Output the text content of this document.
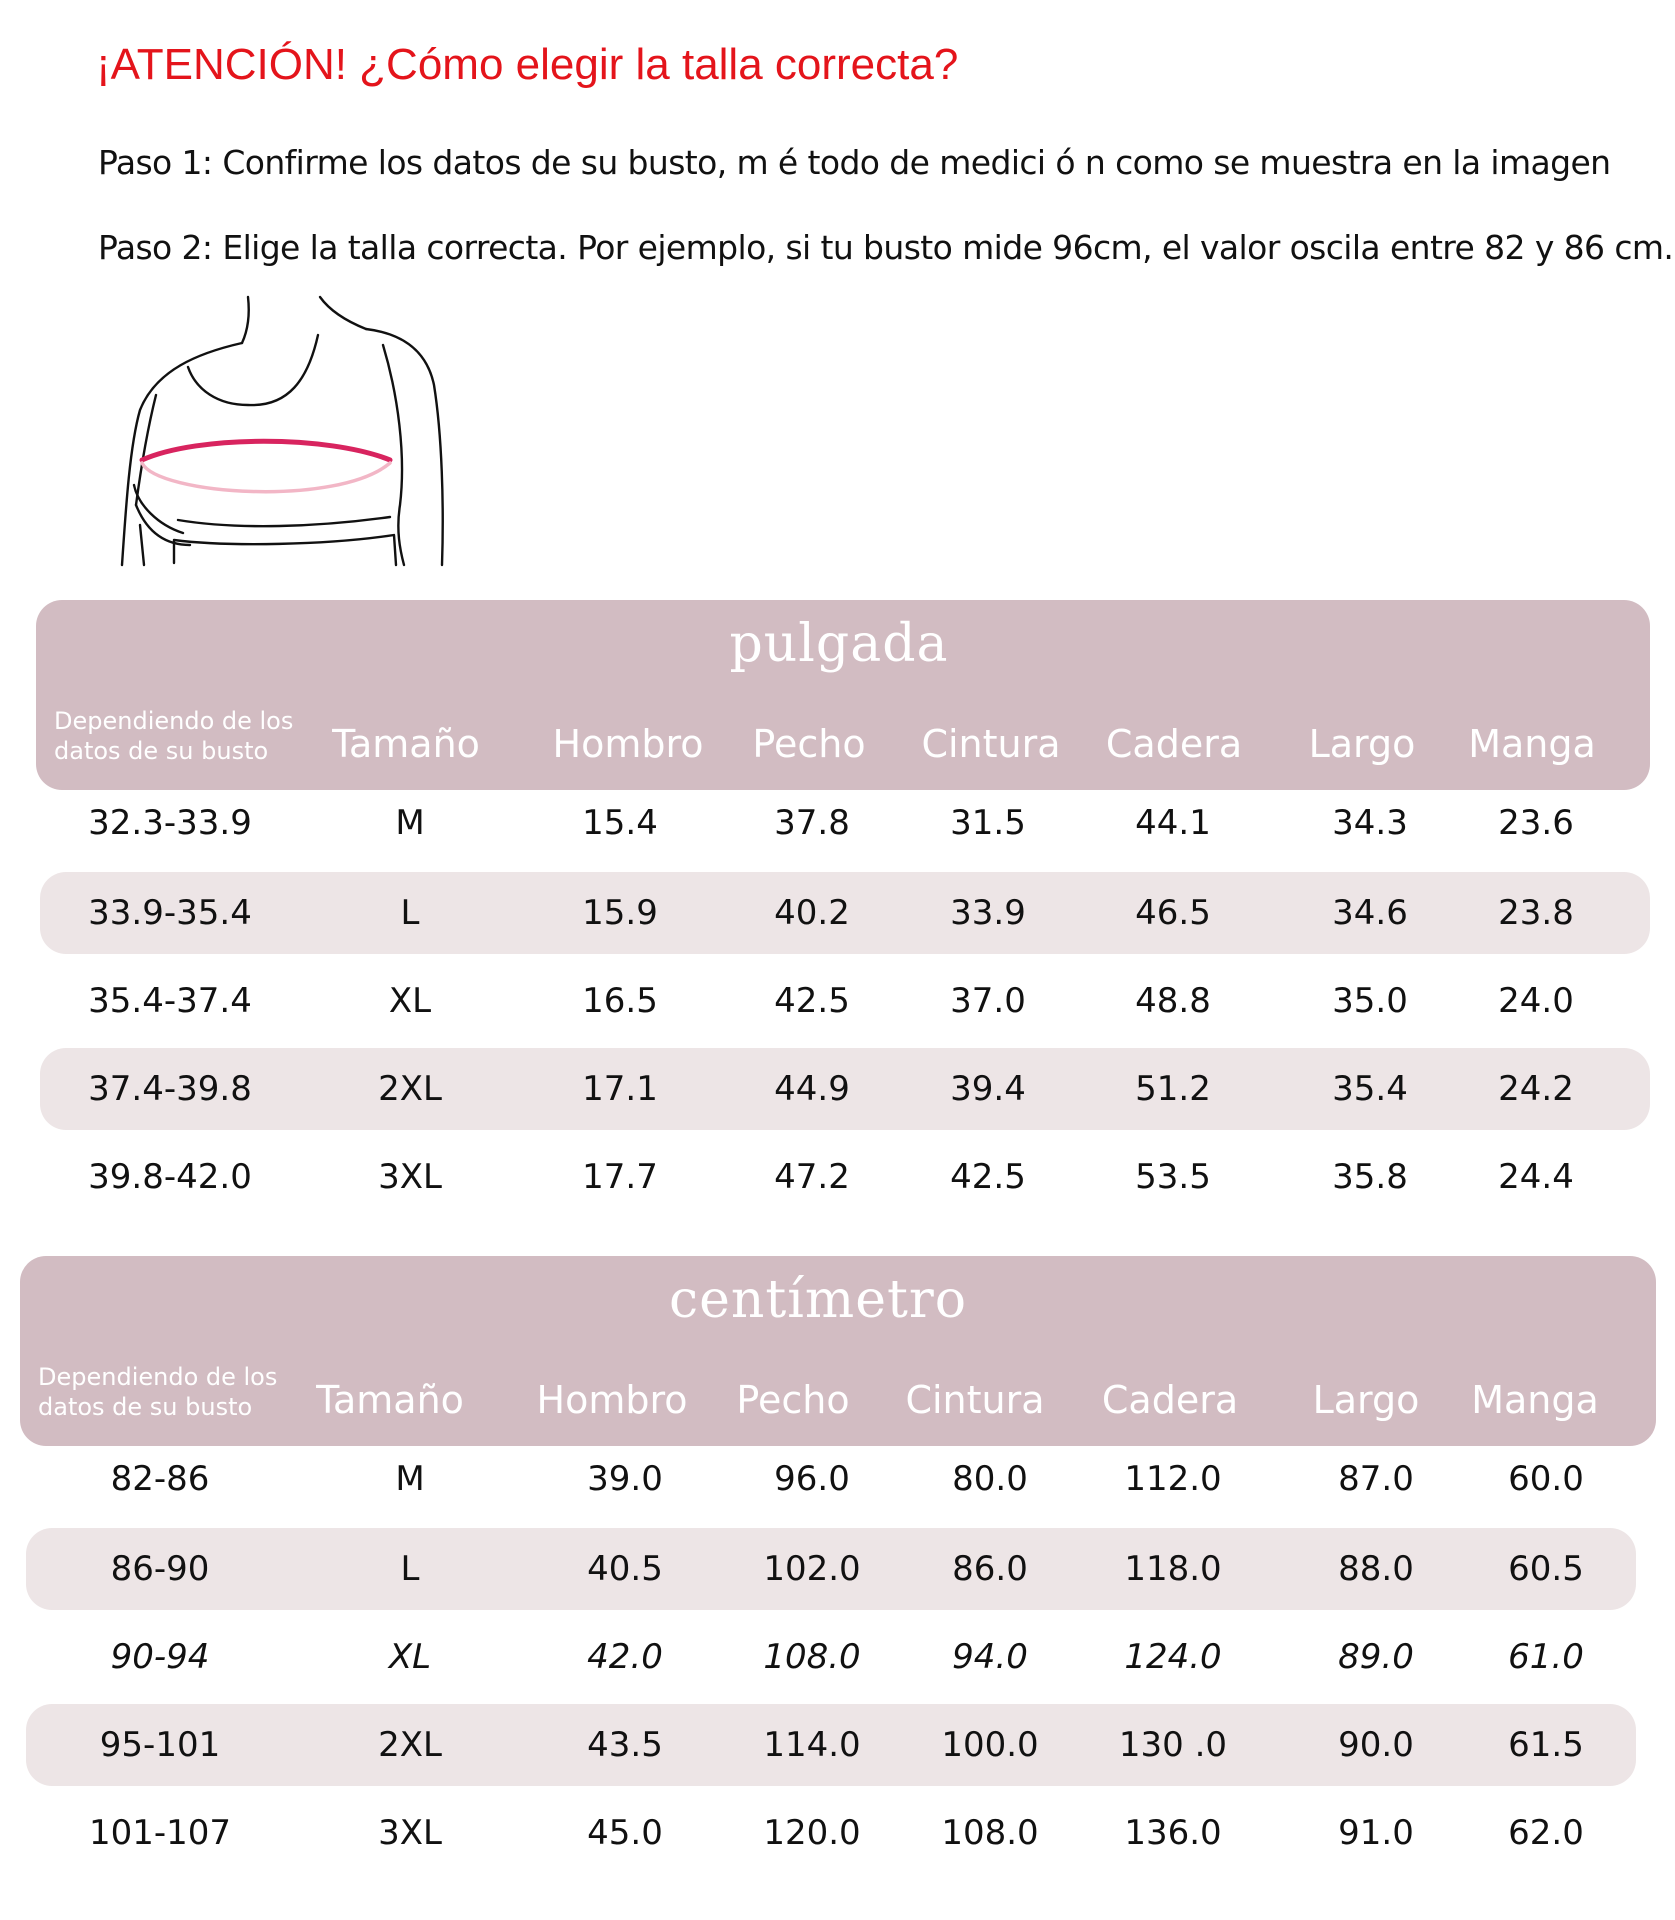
¡ATENCIÓN! ¿Cómo elegir la talla correcta?
Paso 1: Confirme los datos de su busto, m é todo de medici ó n como se muestra en la imagen
Paso 2: Elige la talla correcta. Por ejemplo, si tu busto mide 96cm, el valor oscila entre 82 y 86 cm.
pulgada
Dependiendo de los
datos de su busto	Tamaño	Hombro	Pecho	Cintura	Cadera	Largo	Manga
32.3-33.9	M	15.4	37.8	31.5	44.1	34.3	23.6
33.9-35.4	L	15.9	40.2	33.9	46.5	34.6	23.8
35.4-37.4	XL	16.5	42.5	37.0	48.8	35.0	24.0
37.4-39.8	2XL	17.1	44.9	39.4	51.2	35.4	24.2
39.8-42.0	3XL	17.7	47.2	42.5	53.5	35.8	24.4
centímetro
Dependiendo de los
datos de su busto	Tamaño	Hombro	Pecho	Cintura	Cadera	Largo	Manga
82-86	M	39.0	96.0	80.0	112.0	87.0	60.0
86-90	L	40.5	102.0	86.0	118.0	88.0	60.5
90-94	XL	42.0	108.0	94.0	124.0	89.0	61.0
95-101	2XL	43.5	114.0	100.0	130 .0	90.0	61.5
101-107	3XL	45.0	120.0	108.0	136.0	91.0	62.0
